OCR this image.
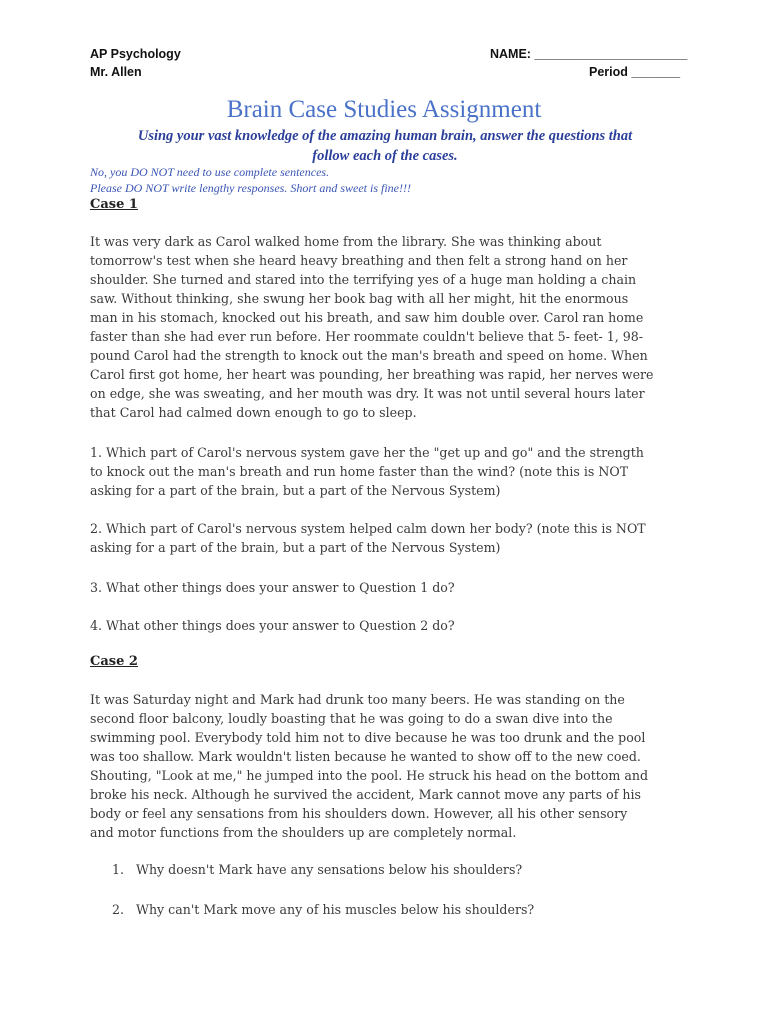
AP Psychology
Mr. Allen
NAME: ______________________
Period _______
Brain Case Studies Assignment
Using your vast knowledge of the amazing human brain, answer the questions that
follow each of the cases.
No, you DO NOT need to use complete sentences.
Please DO NOT write lengthy responses. Short and sweet is fine!!!
Case 1
It was very dark as Carol walked home from the library. She was thinking about
tomorrow's test when she heard heavy breathing and then felt a strong hand on her
shoulder. She turned and stared into the terrifying yes of a huge man holding a chain
saw. Without thinking, she swung her book bag with all her might, hit the enormous
man in his stomach, knocked out his breath, and saw him double over. Carol ran home
faster than she had ever run before. Her roommate couldn't believe that 5- feet- 1, 98-
pound Carol had the strength to knock out the man's breath and speed on home. When
Carol first got home, her heart was pounding, her breathing was rapid, her nerves were
on edge, she was sweating, and her mouth was dry. It was not until several hours later
that Carol had calmed down enough to go to sleep.
1. Which part of Carol's nervous system gave her the "get up and go" and the strength
to knock out the man's breath and run home faster than the wind? (note this is NOT
asking for a part of the brain, but a part of the Nervous System)
2. Which part of Carol's nervous system helped calm down her body? (note this is NOT
asking for a part of the brain, but a part of the Nervous System)
3. What other things does your answer to Question 1 do?
4. What other things does your answer to Question 2 do?
Case 2
It was Saturday night and Mark had drunk too many beers. He was standing on the
second floor balcony, loudly boasting that he was going to do a swan dive into the
swimming pool. Everybody told him not to dive because he was too drunk and the pool
was too shallow. Mark wouldn't listen because he wanted to show off to the new coed.
Shouting, "Look at me," he jumped into the pool. He struck his head on the bottom and
broke his neck. Although he survived the accident, Mark cannot move any parts of his
body or feel any sensations from his shoulders down. However, all his other sensory
and motor functions from the shoulders up are completely normal.
1. Why doesn't Mark have any sensations below his shoulders?
2. Why can't Mark move any of his muscles below his shoulders?
